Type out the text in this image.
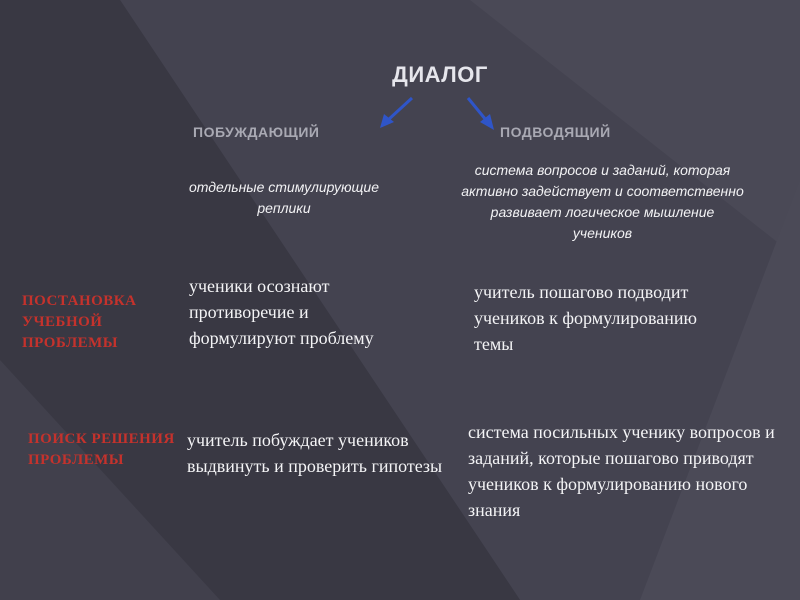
ДИАЛОГ
ПОБУЖДАЮЩИЙ	ПОДВОДЯЩИЙ
отдельные стимулирующие реплики
система вопросов и заданий, которая активно задействует и соответственно развивает логическое мышление учеников
ПОСТАНОВКА УЧЕБНОЙ ПРОБЛЕМЫ
ученики осознают противоречие и формулируют проблему
учитель пошагово подводит учеников к формулированию темы
ПОИСК РЕШЕНИЯ ПРОБЛЕМЫ
учитель побуждает учеников выдвинуть и проверить гипотезы
система посильных ученику вопросов и заданий, которые пошагово приводят учеников к формулированию нового знания
